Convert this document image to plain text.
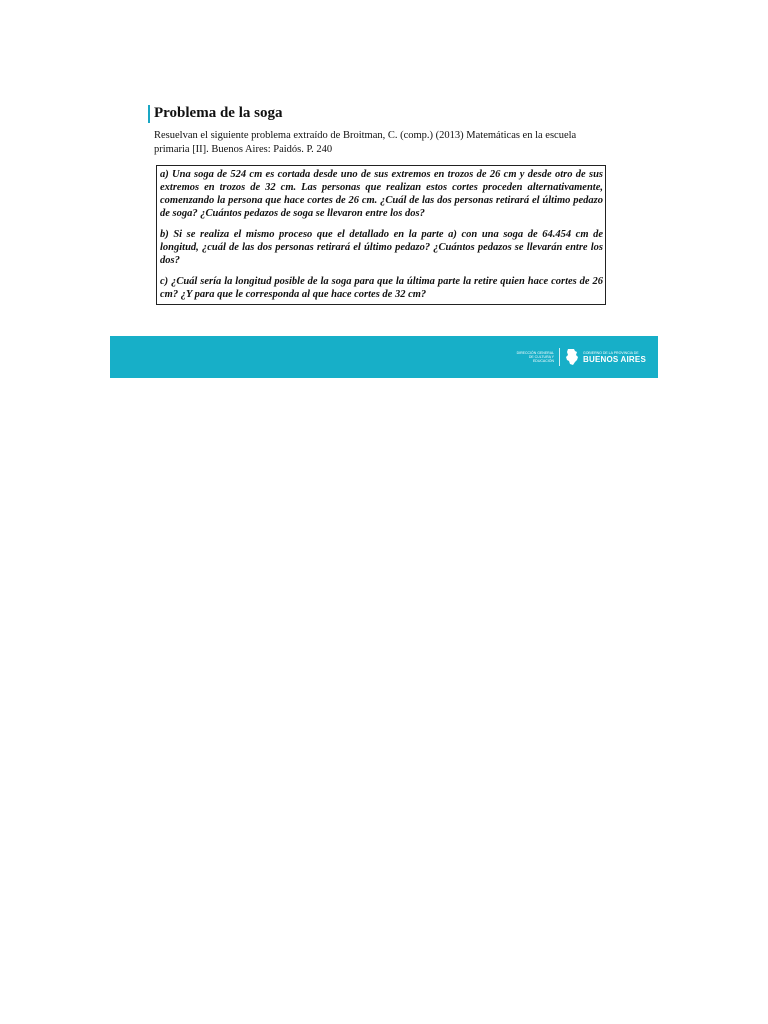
Problema de la soga
Resuelvan el siguiente problema extraído de Broitman, C. (comp.) (2013) Matemáticas en la escuela primaria [II]. Buenos Aires: Paidós. P. 240

a) Una soga de 524 cm es cortada desde uno de sus extremos en trozos de 26 cm y desde otro de sus extremos en trozos de 32 cm. Las personas que realizan estos cortes proceden alternativamente, comenzando la persona que hace cortes de 26 cm. ¿Cuál de las dos personas retirará el último pedazo de soga? ¿Cuántos pedazos de soga se llevaron entre los dos?

b) Si se realiza el mismo proceso que el detallado en la parte a) con una soga de 64.454 cm de longitud, ¿cuál de las dos personas retirará el último pedazo? ¿Cuántos pedazos se llevarán entre los dos?

c) ¿Cuál sería la longitud posible de la soga para que la última parte la retire quien hace cortes de 26 cm? ¿Y para que le corresponda al que hace cortes de 32 cm?

DIRECCIÓN GENERAL DE CULTURA Y EDUCACIÓN
GOBIERNO DE LA PROVINCIA DE
BUENOS AIRES
